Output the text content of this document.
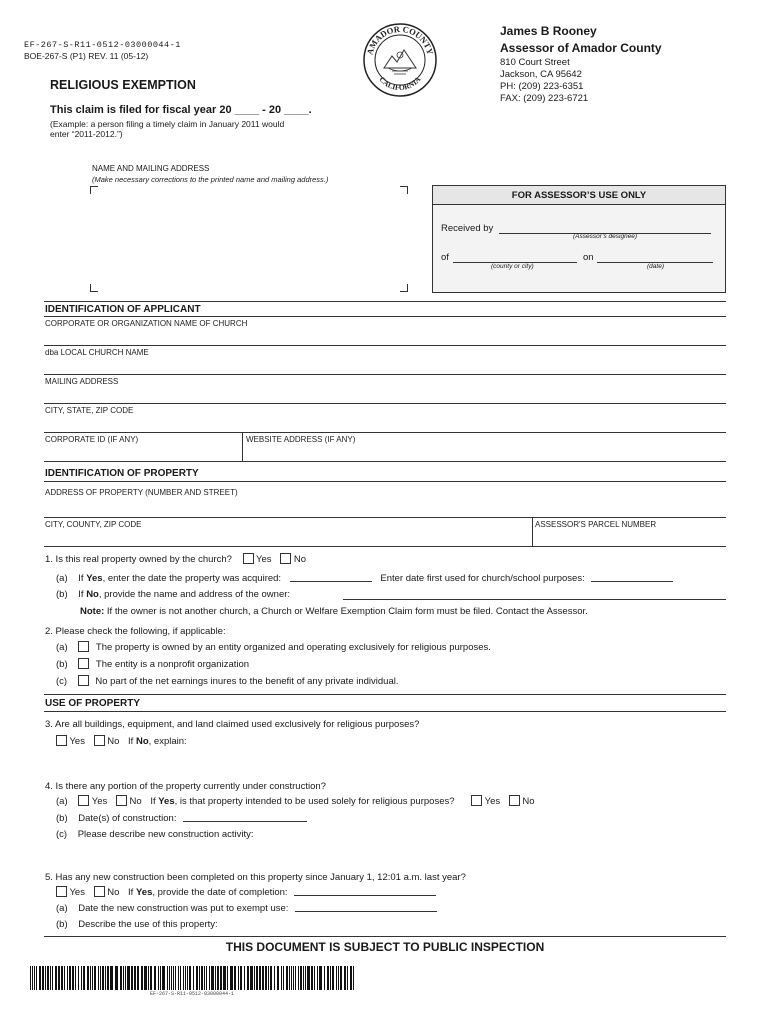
EF-267-S-R11-0512-03000044-1
BOE-267-S (P1) REV. 11 (05-12)
RELIGIOUS EXEMPTION
This claim is filed for fiscal year 20 ____ - 20 ____.
(Example: a person filing a timely claim in January 2011 would
enter “2011-2012.”)
AMADOR COUNTY
CALIFORNIA
James B Rooney
Assessor of Amador County
810 Court Street
Jackson, CA 95642
PH: (209) 223-6351
FAX: (209) 223-6721
NAME AND MAILING ADDRESS
(Make necessary corrections to the printed name and mailing address.)
FOR ASSESSOR’S USE ONLY
Received by
(Assessor’s designee)
of
(county or city)
on
(date)
IDENTIFICATION OF APPLICANT
CORPORATE OR ORGANIZATION NAME OF CHURCH
dba LOCAL CHURCH NAME
MAILING ADDRESS
CITY, STATE, ZIP CODE
CORPORATE ID (IF ANY)	WEBSITE ADDRESS (IF ANY)
IDENTIFICATION OF PROPERTY
ADDRESS OF PROPERTY (NUMBER AND STREET)
CITY, COUNTY, ZIP CODE	ASSESSOR'S PARCEL NUMBER
1. Is this real property owned by the church?	Yes No
(a) If Yes, enter the date the property was acquired:	Enter date first used for church/school purposes:
(b) If No, provide the name and address of the owner:
Note: If the owner is not another church, a Church or Welfare Exemption Claim form must be filed. Contact the Assessor.
2. Please check the following, if applicable:
(a)	The property is owned by an entity organized and operating exclusively for religious purposes.
(b)	The entity is a nonprofit organization
(c)	No part of the net earnings inures to the benefit of any private individual.
USE OF PROPERTY
3. Are all buildings, equipment, and land claimed used exclusively for religious purposes?
Yes No If No, explain:
4. Is there any portion of the property currently under construction?
(a)	Yes No If Yes, is that property intended to be used solely for religious purposes?	Yes No
(b) Date(s) of construction:
(c) Please describe new construction activity:
5. Has any new construction been completed on this property since January 1, 12:01 a.m. last year?
Yes No If Yes, provide the date of completion:
(a) Date the new construction was put to exempt use:
(b) Describe the use of this property:
THIS DOCUMENT IS SUBJECT TO PUBLIC INSPECTION
EF-267-S-R11-0512-03000044-1
